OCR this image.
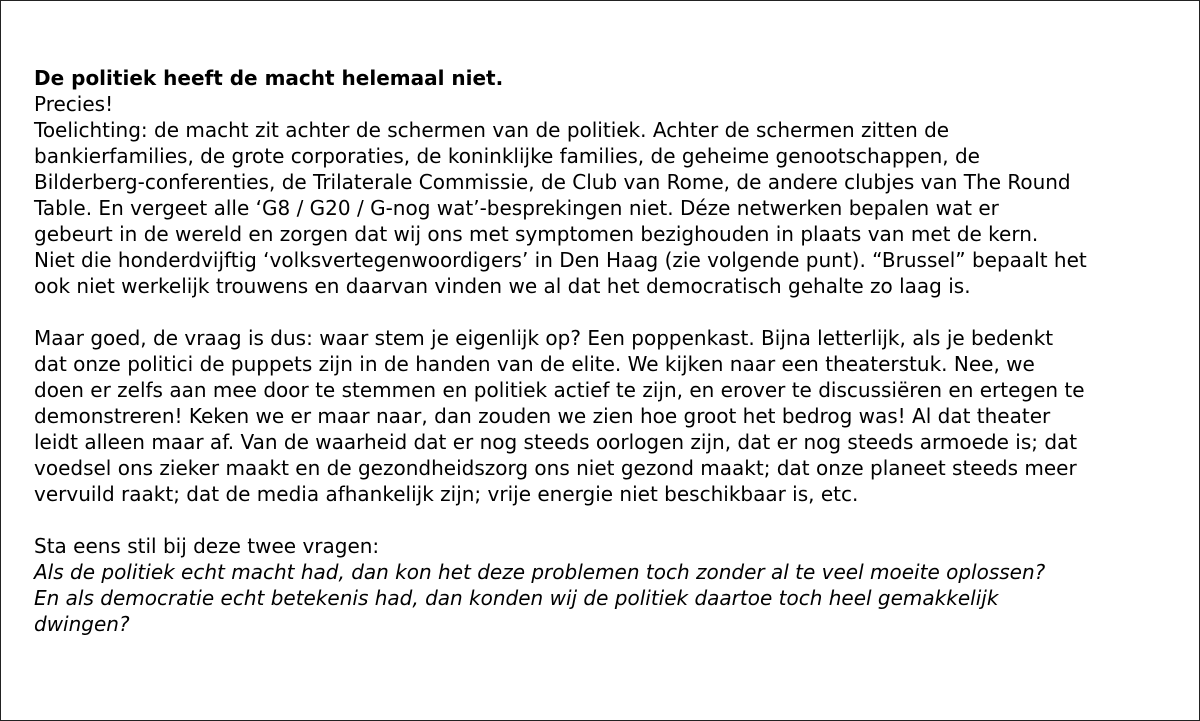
De politiek heeft de macht helemaal niet.
Precies!
Toelichting: de macht zit achter de schermen van de politiek. Achter de schermen zitten de
bankierfamilies, de grote corporaties, de koninklijke families, de geheime genootschappen, de
Bilderberg-conferenties, de Trilaterale Commissie, de Club van Rome, de andere clubjes van The Round
Table. En vergeet alle ‘G8 / G20 / G-nog wat’-besprekingen niet. Déze netwerken bepalen wat er
gebeurt in de wereld en zorgen dat wij ons met symptomen bezighouden in plaats van met de kern.
Niet die honderdvijftig ‘volksvertegenwoordigers’ in Den Haag (zie volgende punt). “Brussel” bepaalt het
ook niet werkelijk trouwens en daarvan vinden we al dat het democratisch gehalte zo laag is.
Maar goed, de vraag is dus: waar stem je eigenlijk op? Een poppenkast. Bijna letterlijk, als je bedenkt
dat onze politici de puppets zijn in de handen van de elite. We kijken naar een theaterstuk. Nee, we
doen er zelfs aan mee door te stemmen en politiek actief te zijn, en erover te discussiëren en ertegen te
demonstreren! Keken we er maar naar, dan zouden we zien hoe groot het bedrog was! Al dat theater
leidt alleen maar af. Van de waarheid dat er nog steeds oorlogen zijn, dat er nog steeds armoede is; dat
voedsel ons zieker maakt en de gezondheidszorg ons niet gezond maakt; dat onze planeet steeds meer
vervuild raakt; dat de media afhankelijk zijn; vrije energie niet beschikbaar is, etc.
Sta eens stil bij deze twee vragen:
Als de politiek echt macht had, dan kon het deze problemen toch zonder al te veel moeite oplossen?
En als democratie echt betekenis had, dan konden wij de politiek daartoe toch heel gemakkelijk
dwingen?
